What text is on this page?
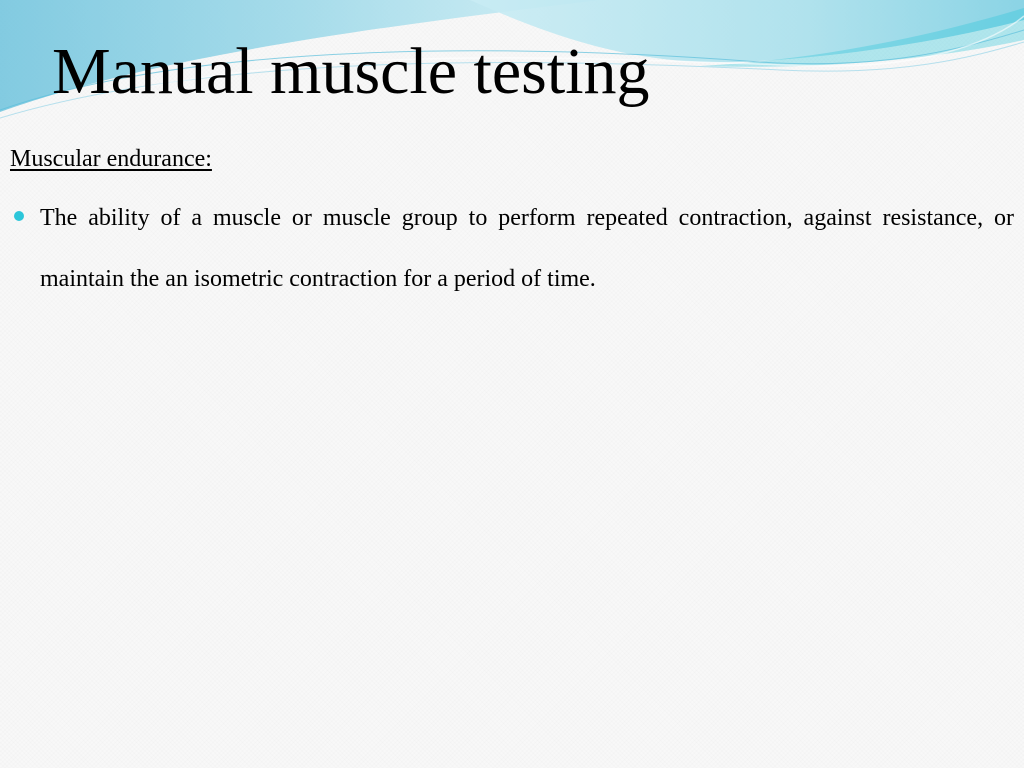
Manual muscle testing
Muscular endurance:
The ability of a muscle or muscle group to perform repeated contraction, against resistance, or maintain the an isometric contraction for a period of time.
